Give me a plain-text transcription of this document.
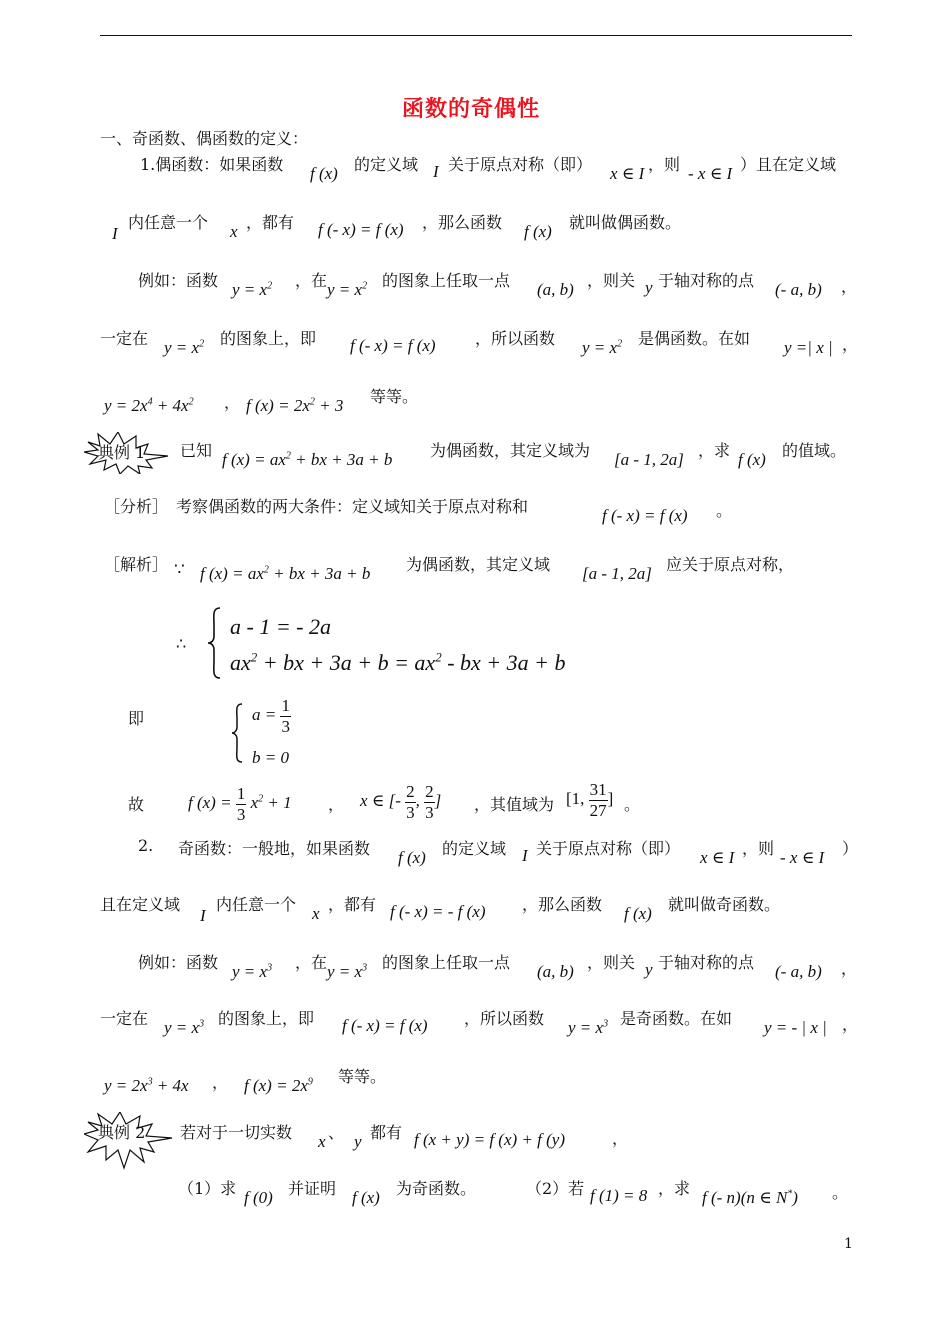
函数的奇偶性
一、奇函数、偶函数的定义：
1.偶函数：如果函数 f (x) 的定义域 I 关于原点对称（即） x ∈ I ，则 - x ∈ I ）且在定义域
I
内任意一个 x ，都有 f (- x) = f (x) ，那么函数 f (x) 就叫做偶函数。
例如：函数 $y = x^2$ ，在 $y = x^2$ 的图象上任取一点 (a, b) ，则关 y 于轴对称的点 (- a, b) ，
一定在 $y = x^2$ 的图象上，即 f (- x) = f (x) ，所以函数 $y = x^2$ 是偶函数。在如 y =| x | ，
$y = 2x^4 + 4x^2$ ， f $(x) = 2x^2 + 3$ 等等。
典例 1 已知 f $(x) = ax^2$ + bx + 3a + b 为偶函数，其定义域为 [a - 1, 2a] ，求 f (x) 的值域。
［分析］ 考察偶函数的两大条件：定义域知关于原点对称和	f (- x) = f (x) 。
［解析］ ∵ f $(x) = ax^2$ + bx + 3a + b 为偶函数，其定义域 [a - 1, 2a] 应关于原点对称，
∴
a - 1 = - 2a
$ax^2$ + bx + $3a + b = ax^2$ - bx + 3a + b
即	$a = \frac{1}{3}$
b = 0
故	f $(x) = \frac{1}{3} x^2 + 1$ ， x ∈ [- $\frac{2}{3}$ , $\frac{2}{3}$ ] ，其值域为 [1, $\frac{31}{27}$ ] 。
2. 奇函数：一般地，如果函数 f (x) 的定义域 I 关于原点对称（即） x ∈ I ，则 - x ∈ I ）
且在定义域
I
内任意一个 x ，都有 f (- x) = - f (x) ，那么函数 f (x) 就叫做奇函数。
例如：函数 $y = x^3$ ，在 $y = x^3$ 的图象上任取一点 (a, b) ，则关 y 于轴对称的点 (- a, b) ，
一定在 $y = x^3$ 的图象上，即 f (- x) = f (x) ，所以函数 $y = x^3$ 是奇函数。在如 y = - | x | ，
$y = 2x^3 + 4x$ ， f $(x) = 2x^9$ 等等。
典例 2 若对于一切实数 x 、 y 都有 f (x + y) = f (x) + f (y)	，
（1）求 f (0) 并证明 f (x) 为奇函数。	（2）若 f (1) = 8 ，求 f (- n)(n ∈ N*) 。
1
